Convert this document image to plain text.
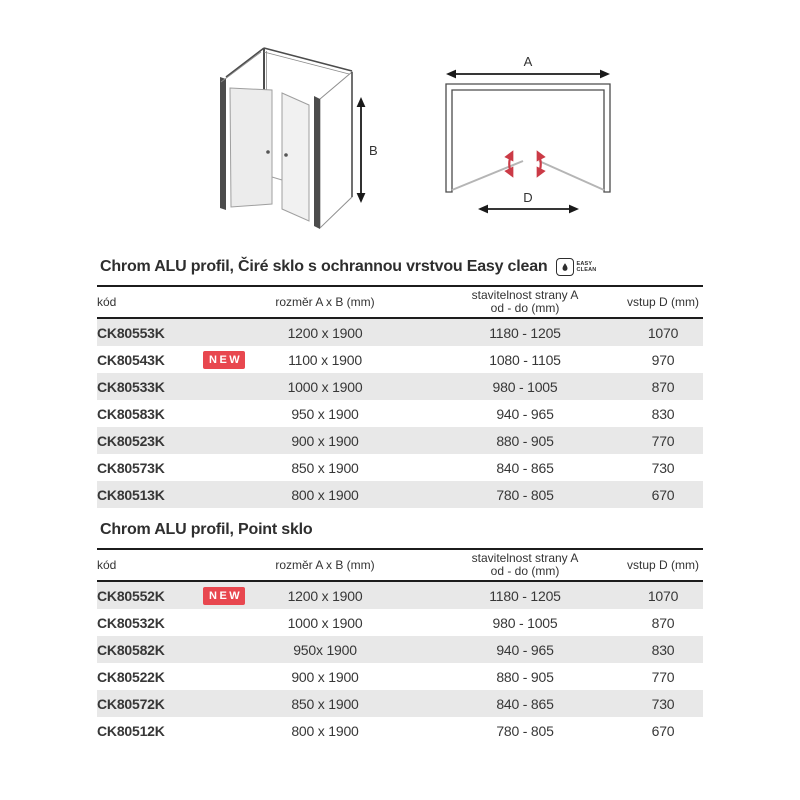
B
A
D
Chrom ALU profil, Čiré sklo s ochrannou vrstvou Easy clean	EASY
CLEAN
kód	rozměr A x B (mm)	stavitelnost strany A
od - do (mm)	vstup D (mm)
CK80553K	1200 x 1900	1180 - 1205	1070
CK80543K NEW	1100 x 1900	1080 - 1105	970
CK80533K	1000 x 1900	980 - 1005	870
CK80583K	950 x 1900	940 - 965	830
CK80523K	900 x 1900	880 - 905	770
CK80573K	850 x 1900	840 - 865	730
CK80513K	800 x 1900	780 - 805	670
Chrom ALU profil, Point sklo
kód	rozměr A x B (mm)	stavitelnost strany A
od - do (mm)	vstup D (mm)
CK80552K NEW	1200 x 1900	1180 - 1205	1070
CK80532K	1000 x 1900	980 - 1005	870
CK80582K	950x 1900	940 - 965	830
CK80522K	900 x 1900	880 - 905	770
CK80572K	850 x 1900	840 - 865	730
CK80512K	800 x 1900	780 - 805	670
